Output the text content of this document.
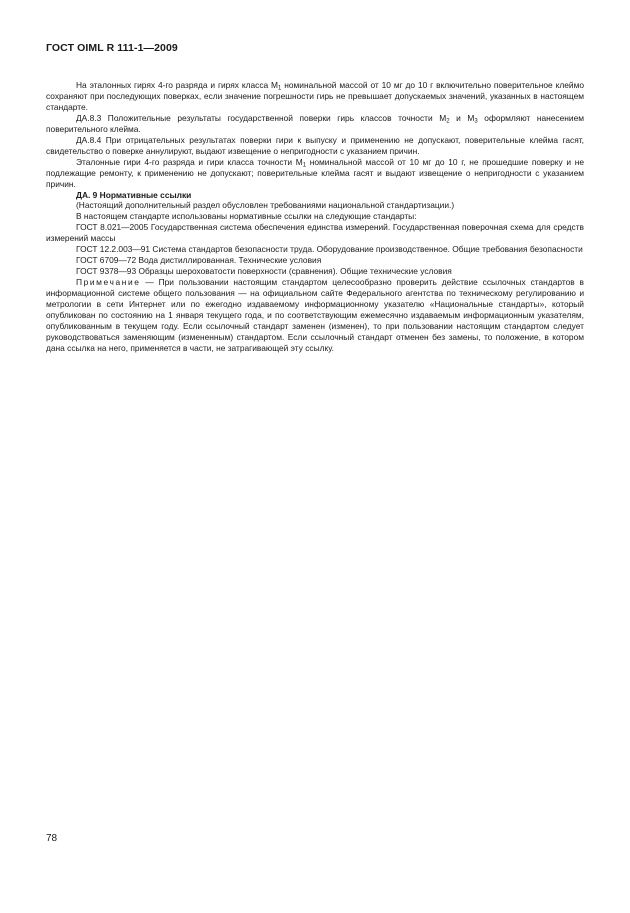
ГОСТ OIML R 111-1—2009

На эталонных гирях 4-го разряда и гирях класса $М_1$ номинальной массой от 10 мг до 10 г включительно поверительное клеймо сохраняют при последующих поверках, если значение погрешности гирь не превышает допускаемых значений, указанных в настоящем стандарте.

ДА.8.3 Положительные результаты государственной поверки гирь классов точности $М_2$ и $М_3$ оформляют нанесением поверительного клейма.

ДА.8.4 При отрицательных результатах поверки гири к выпуску и применению не допускают, поверительные клейма гасят, свидетельство о поверке аннулируют, выдают извещение о непригодности с указанием причин.

Эталонные гири 4-го разряда и гири класса точности $М_1$ номинальной массой от 10 мг до 10 г, не прошедшие поверку и не подлежащие ремонту, к применению не допускают; поверительные клейма гасят и выдают извещение о непригодности с указанием причин.

ДА. 9 Нормативные ссылки

(Настоящий дополнительный раздел обусловлен требованиями национальной стандартизации.)

В настоящем стандарте использованы нормативные ссылки на следующие стандарты:

ГОСТ 8.021—2005 Государственная система обеспечения единства измерений. Государственная поверочная схема для средств измерений массы

ГОСТ 12.2.003—91 Система стандартов безопасности труда. Оборудование производственное. Общие требования безопасности

ГОСТ 6709—72 Вода дистиллированная. Технические условия

ГОСТ 9378—93 Образцы шероховатости поверхности (сравнения). Общие технические условия

Примечание — При пользовании настоящим стандартом целесообразно проверить действие ссылочных стандартов в информационной системе общего пользования — на официальном сайте Федерального агентства по техническому регулированию и метрологии в сети Интернет или по ежегодно издаваемому информационному указателю «Национальные стандарты», который опубликован по состоянию на 1 января текущего года, и по соответствующим ежемесячно издаваемым информационным указателям, опубликованным в текущем году. Если ссылочный стандарт заменен (изменен), то при пользовании настоящим стандартом следует руководствоваться заменяющим (измененным) стандартом. Если ссылочный стандарт отменен без замены, то положение, в котором дана ссылка на него, применяется в части, не затрагивающей эту ссылку.

78
